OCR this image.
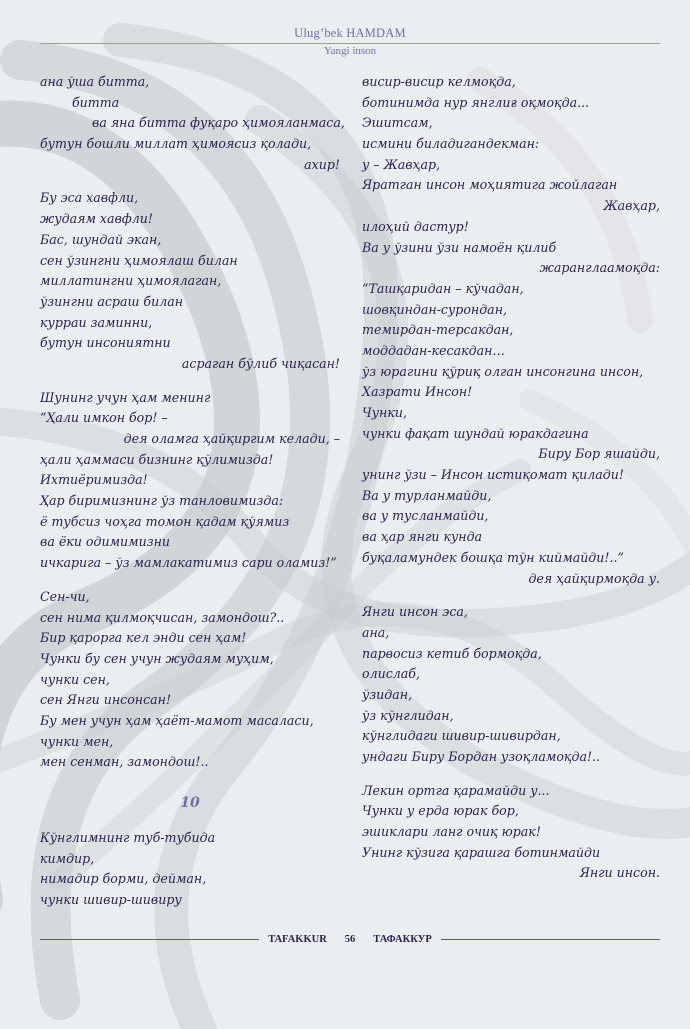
Ulug’bek HAMDAM
Yangi inson
ана ўша битта,
битта
ва яна битта фуқаро ҳимояланмаса,
бутун бошли миллат ҳимоясиз қолади,
ахир!
Бу эса хавфли,
жудаям хавфли!
Бас, шундай экан,
сен ўзингни ҳимоялаш билан
миллатингни ҳимоялаган,
ўзингни асраш билан
курраи заминни,
бутун инсониятни
асраган бўлиб чиқасан!
Шунинг учун ҳам менинг
“Ҳали имкон бор! –
дея оламга ҳайқиргим келади, –
ҳали ҳаммаси бизнинг қўлимизда!
Ихтиёримизда!
Ҳар биримизнинг ўз танловимизда:
ё тубсиз чоҳга томон қадам қўямиз
ва ёки одимимизни
ичкарига – ўз мамлакатимиз сари оламиз!”
Сен-чи,
сен нима қилмоқчисан, замондош?..
Бир қарорга кел энди сен ҳам!
Чунки бу сен учун жудаям муҳим,
чунки сен,
сен Янги инсонсан!
Бу мен учун ҳам ҳаёт-мамот масаласи,
чунки мен,
мен сенман, замондош!..
10
Кўнглимнинг туб-тубида
кимдир,
нимадир борми, дейман,
чунки шивир-шивиру
висир-висир келмоқда,
ботинимда нур янглиғ оқмоқда...
Эшитсам,
исмини биладигандекман:
у – Жавҳар,
Яратган инсон моҳиятига жойлаган
Жавҳар,
илоҳий дастур!
Ва у ўзини ўзи намоён қилиб
жаранглаамоқда:
“Ташқаридан – кўчадан,
шовқиндан-сурондан,
темирдан-терсакдан,
моддадан-кесакдан…
ўз юрагини қўриқ олган инсонгина инсон,
Хазрати Инсон!
Чунки,
чунки фақат шундай юракдагина
Биру Бор яшайди,
унинг ўзи – Инсон истиқомат қилади!
Ва у турланмайди,
ва у тусланмайди,
ва ҳар янги кунда
буқаламундек бошқа тўн киймайди!..”
дея ҳайқирмоқда у.
Янги инсон эса,
ана,
парвосиз кетиб бормоқда,
олислаб,
ўзидан,
ўз кўнглидан,
кўнглидаги шивир-шивирдан,
ундаги Биру Бордан узоқламоқда!..
Лекин ортга қарамайди у...
Чунки у ерда юрак бор,
эшиклари ланг очиқ юрак!
Унинг кўзига қарашга ботинмайди
Янги инсон.
TAFAKKUR 56 ТАФАККУР
